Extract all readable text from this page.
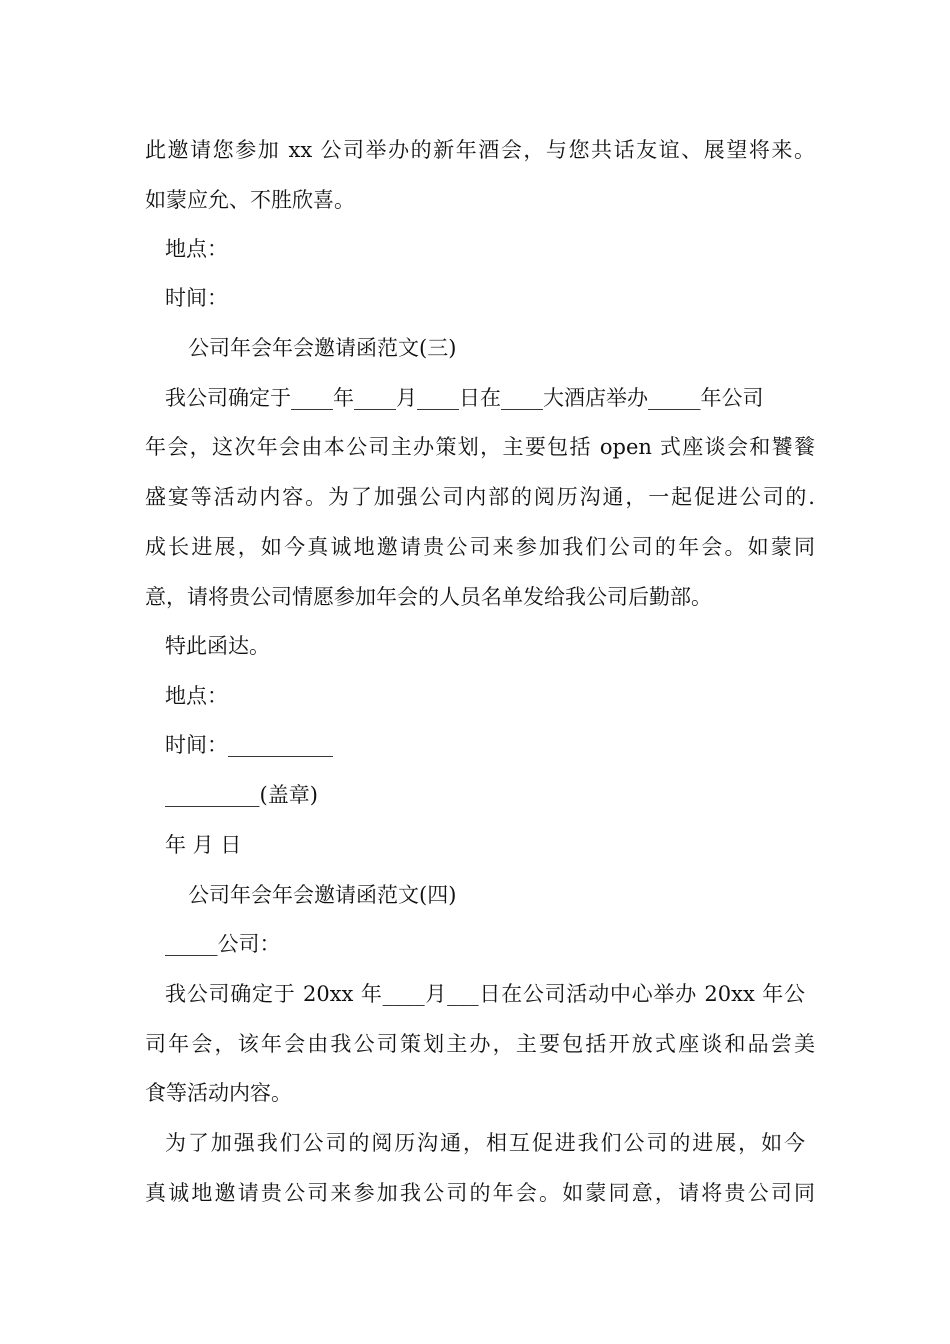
此邀请您参加 xx 公司举办的新年酒会，与您共话友谊、展望将来。
如蒙应允、不胜欣喜。
地点：
时间：
公司年会年会邀请函范文(三)
我公司确定于____年____月____日在____大酒店举办_____年公司
年会，这次年会由本公司主办策划，主要包括 open 式座谈会和饕餮
盛宴等活动内容。为了加强公司内部的阅历沟通，一起促进公司的.
成长进展，如今真诚地邀请贵公司来参加我们公司的年会。如蒙同
意，请将贵公司情愿参加年会的人员名单发给我公司后勤部。
特此函达。
地点：
时间：__________
_________(盖章)
年 月 日
公司年会年会邀请函范文(四)
_____公司：
我公司确定于 20xx 年____月___日在公司活动中心举办 20xx 年公
司年会，该年会由我公司策划主办，主要包括开放式座谈和品尝美
食等活动内容。
为了加强我们公司的阅历沟通，相互促进我们公司的进展，如今
真诚地邀请贵公司来参加我公司的年会。如蒙同意，请将贵公司同
